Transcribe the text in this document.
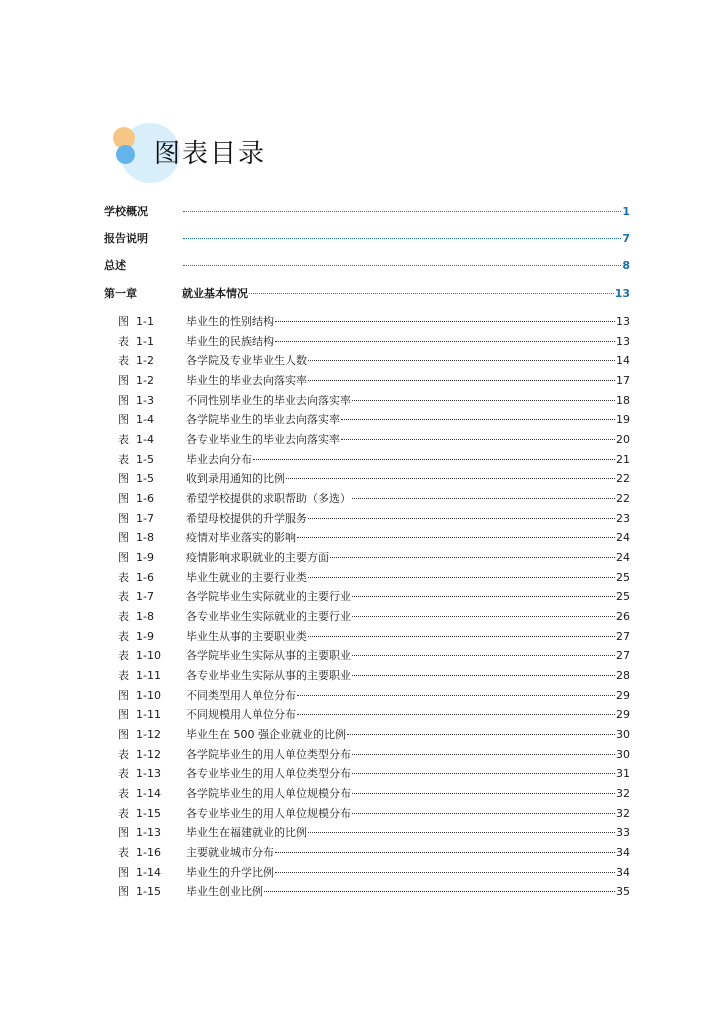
图表目录
学校概况	1
报告说明	7
总述	8
第一章	就业基本情况	13
图 1-1	毕业生的性别结构	13
表 1-1	毕业生的民族结构	13
表 1-2	各学院及专业毕业生人数	14
图 1-2	毕业生的毕业去向落实率	17
图 1-3	不同性别毕业生的毕业去向落实率	18
图 1-4	各学院毕业生的毕业去向落实率	19
表 1-4	各专业毕业生的毕业去向落实率	20
表 1-5	毕业去向分布	21
图 1-5	收到录用通知的比例	22
图 1-6	希望学校提供的求职帮助（多选）	22
图 1-7	希望母校提供的升学服务	23
图 1-8	疫情对毕业落实的影响	24
图 1-9	疫情影响求职就业的主要方面	24
表 1-6	毕业生就业的主要行业类	25
表 1-7	各学院毕业生实际就业的主要行业	25
表 1-8	各专业毕业生实际就业的主要行业	26
表 1-9	毕业生从事的主要职业类	27
表 1-10 各学院毕业生实际从事的主要职业	27
表 1-11 各专业毕业生实际从事的主要职业	28
图 1-10 不同类型用人单位分布	29
图 1-11 不同规模用人单位分布	29
图 1-12 毕业生在 500 强企业就业的比例	30
表 1-12 各学院毕业生的用人单位类型分布	30
表 1-13 各专业毕业生的用人单位类型分布	31
表 1-14 各学院毕业生的用人单位规模分布	32
表 1-15 各专业毕业生的用人单位规模分布	32
图 1-13 毕业生在福建就业的比例	33
表 1-16 主要就业城市分布	34
图 1-14 毕业生的升学比例	34
图 1-15 毕业生创业比例	35
